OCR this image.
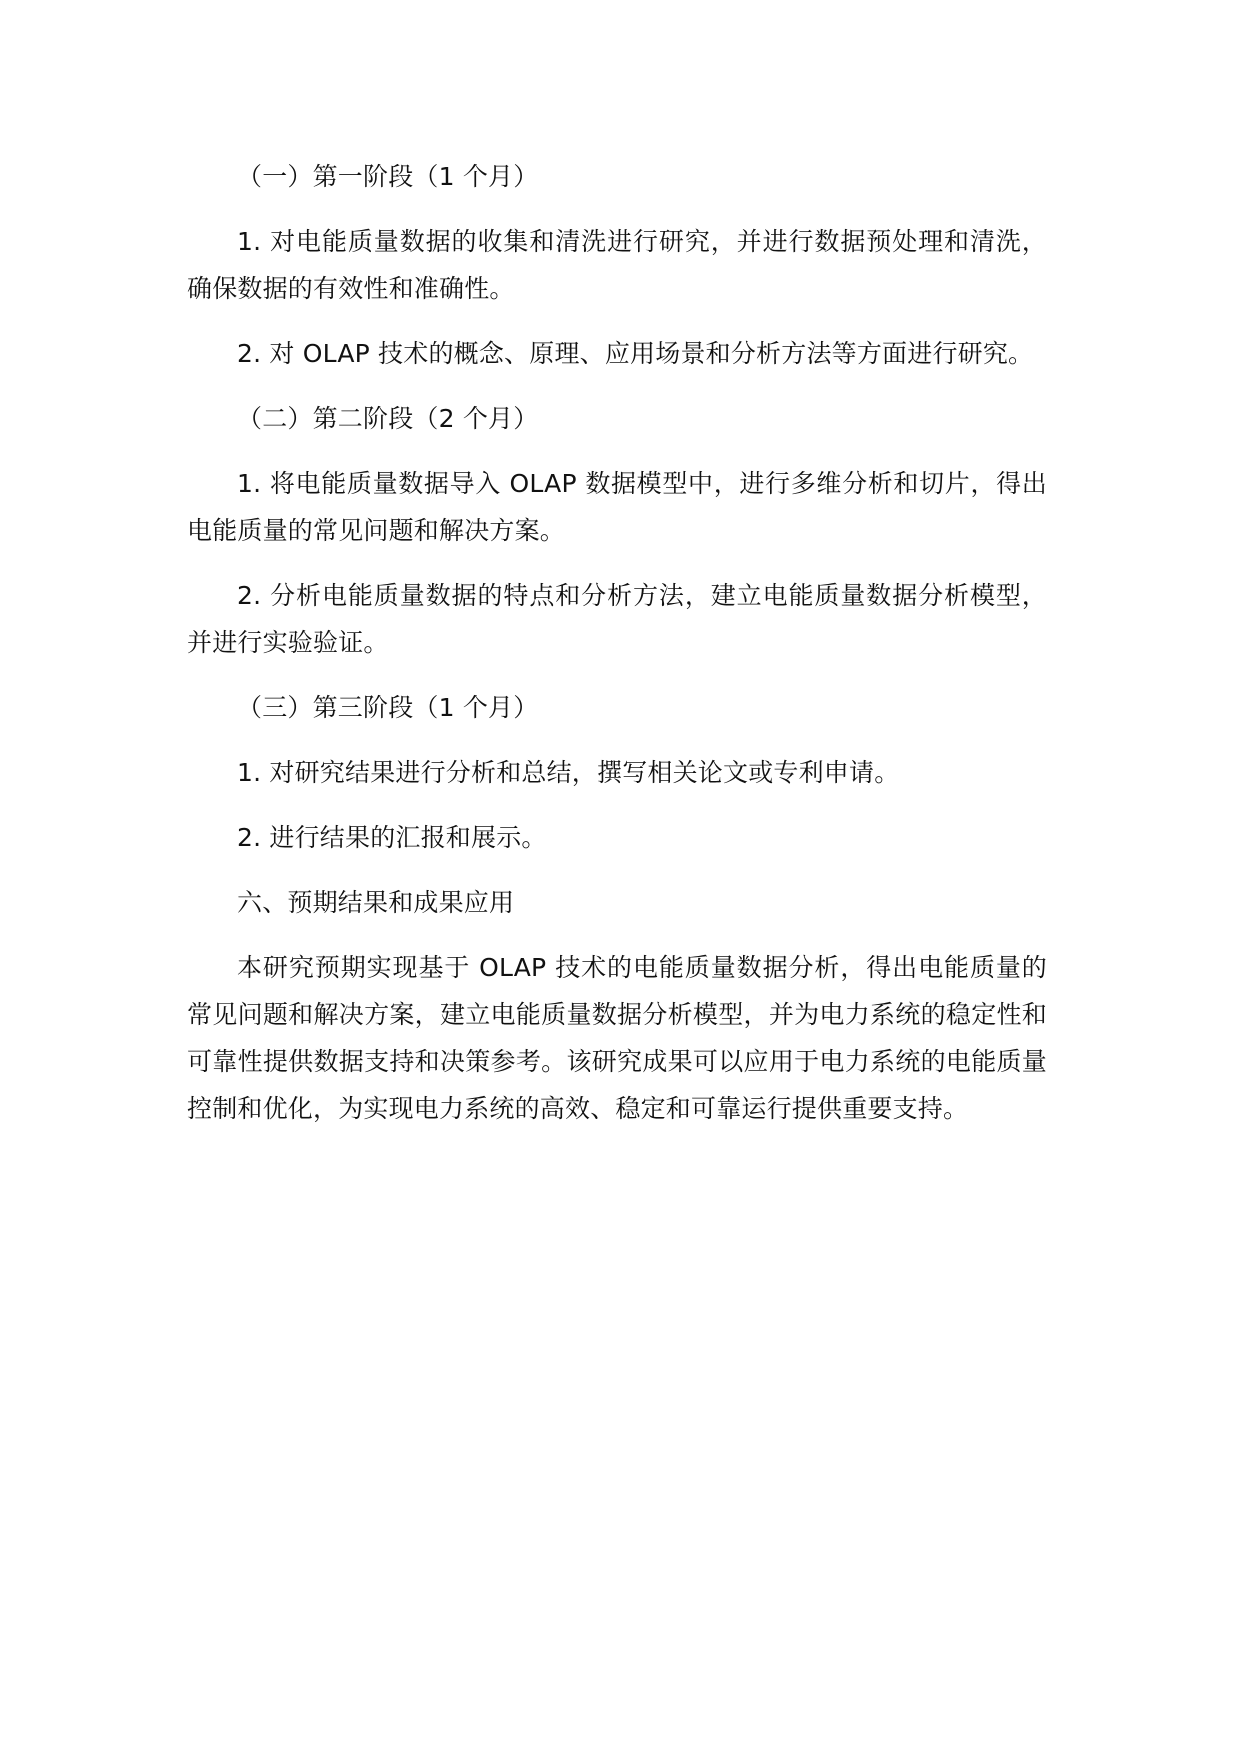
（一）第一阶段（1 个月）

1. 对电能质量数据的收集和清洗进行研究，并进行数据预处理和清洗，确保数据的有效性和准确性。

2. 对 OLAP 技术的概念、原理、应用场景和分析方法等方面进行研究。

（二）第二阶段（2 个月）

1. 将电能质量数据导入 OLAP 数据模型中，进行多维分析和切片，得出电能质量的常见问题和解决方案。

2. 分析电能质量数据的特点和分析方法，建立电能质量数据分析模型，并进行实验验证。

（三）第三阶段（1 个月）

1. 对研究结果进行分析和总结，撰写相关论文或专利申请。

2. 进行结果的汇报和展示。

六、预期结果和成果应用

本研究预期实现基于 OLAP 技术的电能质量数据分析，得出电能质量的常见问题和解决方案，建立电能质量数据分析模型，并为电力系统的稳定性和可靠性提供数据支持和决策参考。该研究成果可以应用于电力系统的电能质量控制和优化，为实现电力系统的高效、稳定和可靠运行提供重要支持。
